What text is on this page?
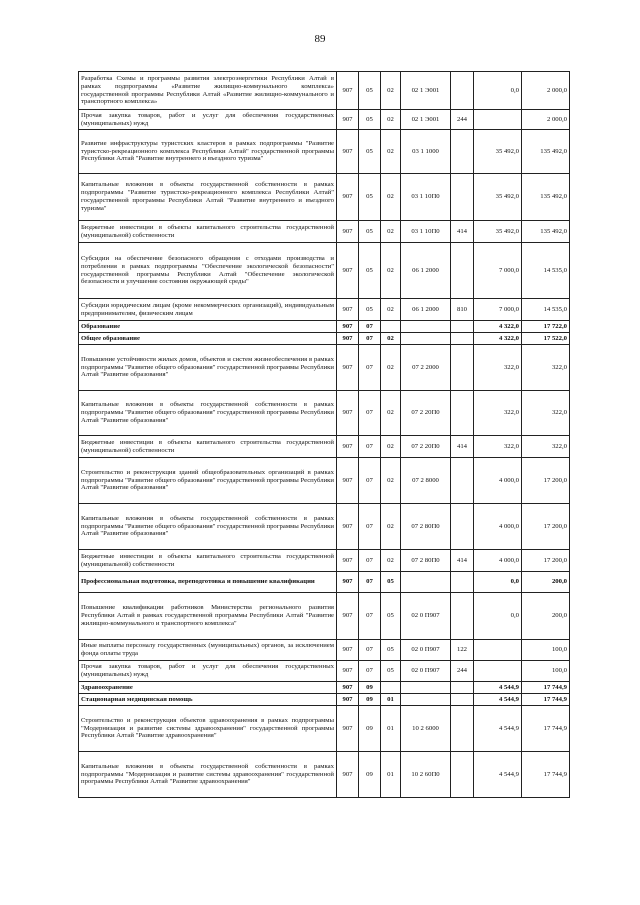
89
Разработка Схемы и программы развития электроэнергетики Республики Алтай в рамках подпрограммы «Развитие жилищно-коммунального комплекса» государственной программы Республики Алтай «Развитие жилищно-коммунального и транспортного комплекса»	907	05	02	02 1 Э001		0,0	2 000,0
Прочая закупка товаров, работ и услуг для обеспечения государственных (муниципальных) нужд	907	05	02	02 1 Э001	244		2 000,0
Развитие инфраструктуры туристских кластеров в рамках подпрограммы "Развитие туристско-рекреационного комплекса Республики Алтай" государственной программы Республики Алтай "Развитие внутреннего и въездного туризма"	907	05	02	03 1 1000		35 492,0	135 492,0
Капитальные вложения в объекты государственной собственности в рамках подпрограммы "Развитие туристско-рекреационного комплекса Республики Алтай" государственной программы Республики Алтай "Развитие внутреннего и въездного туризма"	907	05	02	03 1 10П0		35 492,0	135 492,0
Бюджетные инвестиции в объекты капитального строительства государственной (муниципальной) собственности	907	05	02	03 1 10П0	414	35 492,0	135 492,0
Субсидии на обеспечение безопасного обращения с отходами производства и потребления в рамках подпрограммы "Обеспечение экологической безопасности" государственной программы Республики Алтай "Обеспечение экологической безопасности и улучшение состояния окружающей среды"	907	05	02	06 1 2000		7 000,0	14 535,0
Субсидии юридическим лицам (кроме некоммерческих организаций), индивидуальным предпринимателям, физическим лицам	907	05	02	06 1 2000	810	7 000,0	14 535,0
Образование	907	07				4 322,0	17 722,0
Общее образование	907	07	02			4 322,0	17 522,0
Повышение устойчивости жилых домов, объектов и систем жизнеобеспечения в рамках подпрограммы "Развитие общего образования" государственной программы Республики Алтай "Развитие образования"	907	07	02	07 2 2000		322,0	322,0
Капитальные вложения в объекты государственной собственности в рамках подпрограммы "Развитие общего образования" государственной программы Республики Алтай "Развитие образования"	907	07	02	07 2 20П0		322,0	322,0
Бюджетные инвестиции в объекты капитального строительства государственной (муниципальной) собственности	907	07	02	07 2 20П0	414	322,0	322,0
Строительство и реконструкция зданий общеобразовательных организаций в рамках подпрограммы "Развитие общего образования" государственной программы Республики Алтай "Развитие образования"	907	07	02	07 2 8000		4 000,0	17 200,0
Капитальные вложения в объекты государственной собственности в рамках подпрограммы "Развитие общего образования" государственной программы Республики Алтай "Развитие образования"	907	07	02	07 2 80П0		4 000,0	17 200,0
Бюджетные инвестиции в объекты капитального строительства государственной (муниципальной) собственности	907	07	02	07 2 80П0	414	4 000,0	17 200,0
Профессиональная подготовка, переподготовка и повышение квалификации	907	07	05			0,0	200,0
Повышение квалификации работников Министерства регионального развития Республики Алтай в рамках государственной программы Республики Алтай "Развитие жилищно-коммунального и транспортного комплекса"	907	07	05	02 0 П907		0,0	200,0
Иные выплаты персоналу государственных (муниципальных) органов, за исключением фонда оплаты труда	907	07	05	02 0 П907	122		100,0
Прочая закупка товаров, работ и услуг для обеспечения государственных (муниципальных) нужд	907	07	05	02 0 П907	244		100,0
Здравоохранение	907	09				4 544,9	17 744,9
Стационарная медицинская помощь	907	09	01			4 544,9	17 744,9
Строительство и реконструкция объектов здравоохранения в рамках подпрограммы "Модернизация и развитие системы здравоохранения" государственной программы Республики Алтай "Развитие здравоохранения"	907	09	01	10 2 6000		4 544,9	17 744,9
Капитальные вложения в объекты государственной собственности в рамках подпрограммы "Модернизация и развитие системы здравоохранения" государственной программы Республики Алтай "Развитие здравоохранения"	907	09	01	10 2 60П0		4 544,9	17 744,9
